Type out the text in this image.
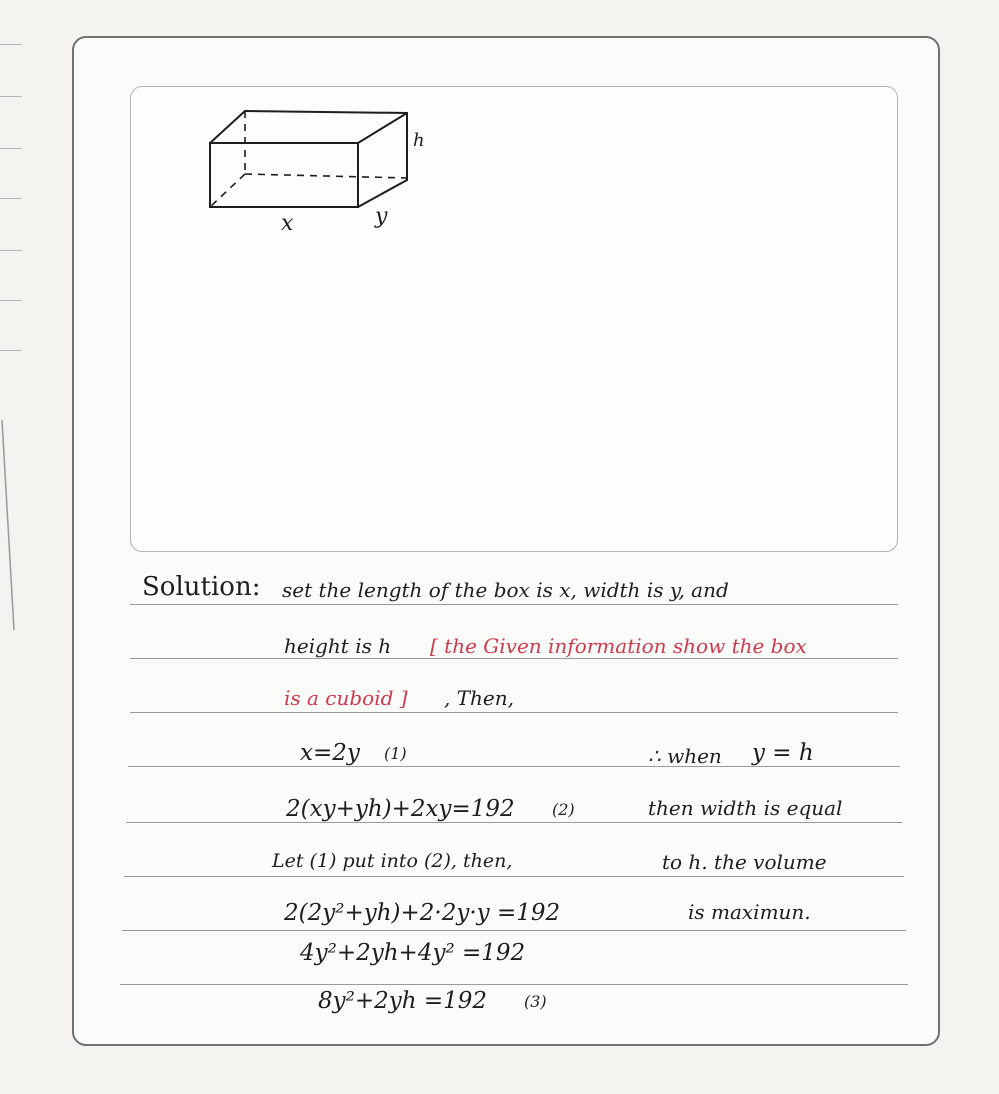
x	y
h
Solution: set the length of the box is x, width is y, and
height is h [ the Given information show the box
is a cuboid ] , Then,
x=2y (1)
2(xy+yh)+2xy=192 (2)
Let (1) put into (2), then,
2(2y²+yh)+2·2y·y =192
4y²+2yh+4y² =192
8y²+2yh =192 (3)
∴ when y = h
then width is equal
to h. the volume
is maximun.
